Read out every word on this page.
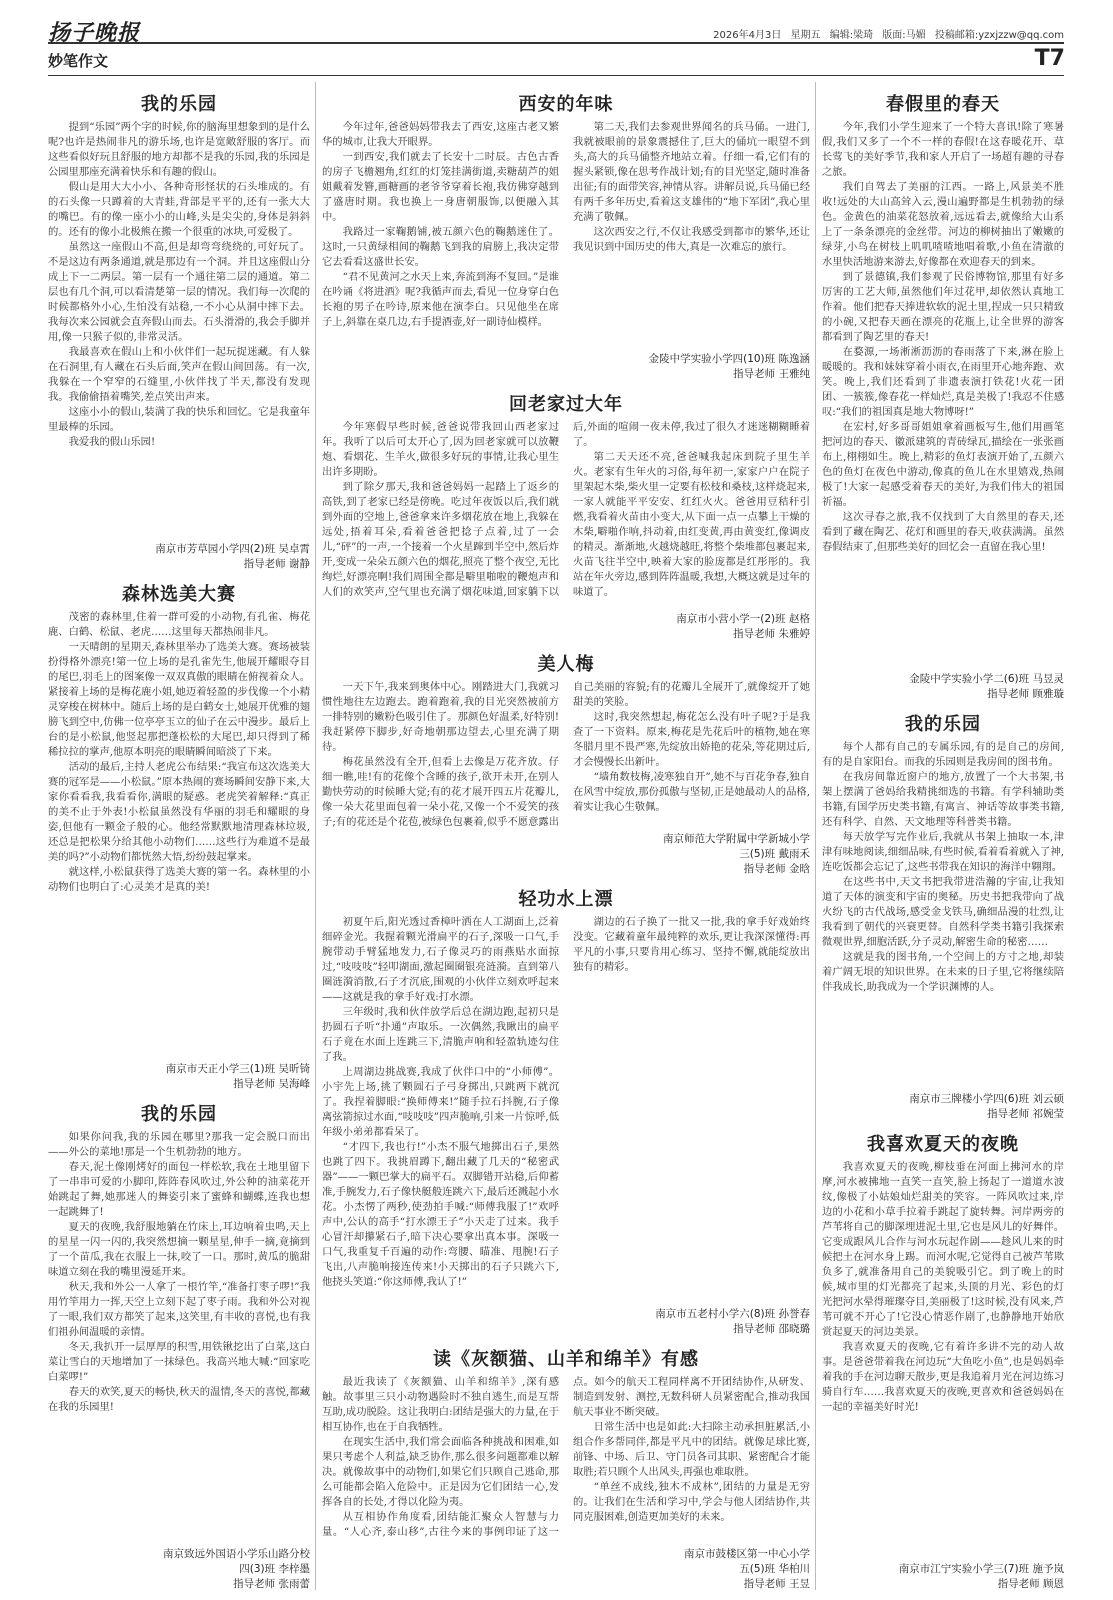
扬子晚报	2026年4月3日 星期五 编辑:梁琦 版面:马媚 投稿邮箱:yzxjzzw@qq.com
妙笔作文	T7
我的乐园

提到“乐园”两个字的时候,你的脑海里想象到的是什么呢?也许是热闹非凡的游乐场,也许是宽敞舒服的客厅。而这些看似好玩且舒服的地方却都不是我的乐园,我的乐园是公园里那座充满着快乐和有趣的假山。

假山是用大大小小、各种奇形怪状的石头堆成的。有的石头像一只蹲着的大青蛙,背部是平平的,还有一张大大的嘴巴。有的像一座小小的山峰,头是尖尖的,身体是斜斜的。还有的像小北极熊在搬一个很重的冰块,可爱极了。

虽然这一座假山不高,但是却弯弯绕绕的,可好玩了。不是这边有两条通道,就是那边有一个洞。并且这座假山分成上下一二两层。第一层有一个通往第二层的通道。第二层也有几个洞,可以看清楚第一层的情况。我们每一次爬的时候都格外小心,生怕没有站稳,一不小心从洞中摔下去。我每次来公园就会直奔假山而去。石头滑滑的,我会手脚并用,像一只猴子似的,非常灵活。

我最喜欢在假山上和小伙伴们一起玩捉迷藏。有人躲在石洞里,有人藏在石头后面,笑声在假山间回荡。有一次,我躲在一个窄窄的石缝里,小伙伴找了半天,都没有发现我。我偷偷捂着嘴笑,差点笑出声来。

这座小小的假山,装满了我的快乐和回忆。它是我童年里最棒的乐园。

我爱我的假山乐园!

南京市芳草园小学四(2)班 吴卓霄
指导老师 谢静
森林选美大赛

茂密的森林里,住着一群可爱的小动物,有孔雀、梅花鹿、白鹤、松鼠、老虎……这里每天都热闹非凡。

一天晴朗的星期天,森林里举办了选美大赛。赛场被装扮得格外漂亮!第一位上场的是孔雀先生,他展开耀眼夺目的尾巴,羽毛上的图案像一双双真傲的眼睛在俯视着众人。紧接着上场的是梅花鹿小姐,她迈着轻盈的步伐像一个小精灵穿梭在树林中。随后上场的是白鹤女士,她展开优雅的翅膀飞到空中,仿佛一位亭亭玉立的仙子在云中漫步。最后上台的是小松鼠,他竖起那把蓬松松的大尾巴,却只得到了稀稀拉拉的掌声,他原本明亮的眼睛瞬间暗淡了下来。

活动的最后,主持人老虎公布结果:“我宣布这次选美大赛的冠军是——小松鼠。”原本热闹的赛场瞬间安静下来,大家你看看我,我看看你,满眼的疑惑。老虎笑着解释:“真正的美不止于外表!小松鼠虽然没有华丽的羽毛和耀眼的身姿,但他有一颗金子般的心。他经常默默地清理森林垃圾,还总是把松果分给其他小动物们……这些行为难道不是最美的吗?”小动物们都恍然大悟,纷纷鼓起掌来。

就这样,小松鼠获得了选美大赛的第一名。森林里的小动物们也明白了:心灵美才是真的美!

南京市天正小学三(1)班 吴昕锜
指导老师 吴海峰
我的乐园

如果你问我,我的乐园在哪里?那我一定会脱口而出——外公的菜地!那是一个生机勃勃的地方。

春天,泥土像刚烤好的面包一样松软,我在土地里留下了一串串可爱的小脚印,阵阵春风吹过,外公种的油菜花开始跳起了舞,她那迷人的舞姿引来了蜜蜂和蝴蝶,连我也想一起跳舞了!

夏天的夜晚,我舒服地躺在竹床上,耳边响着虫鸣,天上的星星一闪一闪的,我突然想摘一颗星星,伸手一摘,竟摘到了一个苗瓜,我在衣服上一抹,咬了一口。那时,黄瓜的脆甜味道立刻在我的嘴里漫延开来。

秋天,我和外公一人拿了一根竹竿,“准备打枣子啰!”我用竹竿用力一挥,天空上立刻下起了枣子雨。我和外公对视了一眼,我们双方都笑了起来,这笑里,有丰收的喜悦,也有我们祖孙间温暖的亲情。

冬天,我扒开一层厚厚的积雪,用铁锹挖出了白菜,这白菜让雪白的天地增加了一抹绿色。我高兴地大喊:“回家吃白菜啰!”

春天的欢笑,夏天的畅快,秋天的温情,冬天的喜悦,都藏在我的乐园里!

南京致远外国语小学乐山路分校
四(3)班 李梓墨
指导老师 张雨蕾
西安的年味

今年过年,爸爸妈妈带我去了西安,这座古老又繁华的城市,让我大开眼界。

一到西安,我们就去了长安十二时辰。古色古香的房子飞檐翘角,红红的灯笼挂满街道,卖糖葫芦的姐姐戴着发簪,画糖画的老爷爷穿着长袍,我仿佛穿越到了盛唐时期。我也换上一身唐朝服饰,以便融入其中。

我路过一家鞠鹅铺,被五颜六色的鞠鹅迷住了。这时,一只黄绿相间的鞠鹅飞到我的肩膀上,我决定带它去看看这盛世长安。

“君不见黄河之水天上来,奔流到海不复回。”是谁在吟诵《将进酒》呢?我循声而去,看见一位身穿白色长袍的男子在吟诗,原来他在演李白。只见他坐在席子上,斜靠在桌几边,右手提酒壶,好一副诗仙模样。

第二天,我们去参观世界闻名的兵马俑。一进门,我就被眼前的景象震撼住了,巨大的俑坑一眼望不到头,高大的兵马俑整齐地站立着。仔细一看,它们有的握头紧锁,像在思考作战计划;有的目光坚定,随时准备出征;有的面带笑容,神情从容。讲解员说,兵马俑已经有两千多年历史,看着这支雄伟的“地下军团”,我心里充满了敬佩。

这次西安之行,不仅让我感受到都市的繁华,还让我见识到中国历史的伟大,真是一次难忘的旅行。

金陵中学实验小学四(10)班 陈逸涵
指导老师 王雅纯
回老家过大年

今年寒假早些时候,爸爸说带我回山西老家过年。我听了以后可太开心了,因为回老家就可以放鞭炮、看烟花、生羊火,做很多好玩的事情,让我心里生出许多期盼。

到了除夕那天,我和爸爸妈妈一起踏上了返乡的高铁,到了老家已经是傍晚。吃过年夜饭以后,我们就到外面的空地上,爸爸拿来许多烟花放在地上,我躲在远处,捂着耳朵,看着爸爸把捻子点着,过了一会儿,“砰”的一声,一个接着一个火星蹿到半空中,然后炸开,变成一朵朵五颜六色的烟花,照亮了整个夜空,无比绚烂,好漂亮啊!我们周围全都是噼里啪啦的鞭炮声和人们的欢笑声,空气里也充满了烟花味道,回家躺下以后,外面的喧闹一夜未停,我过了很久才迷迷糊糊睡着了。

第二天天还不亮,爸爸喊我起床到院子里生羊火。老家有生年火的习俗,每年初一,家家户户在院子里架起木柴,柴火里一定要有松枝和桑枝,这样烧起来,一家人就能平平安安、红红火火。爸爸用豆秸秆引燃,我看着火苗由小变大,从下面一点一点攀上干燥的木柴,噼啪作响,抖动着,由红变黄,再由黄变红,像调皮的精灵。渐渐地,火越烧越旺,将整个柴堆都包裹起来,火苗飞往半空中,映着大家的脸庞都是红彤彤的。我站在年火旁边,感到阵阵温暖,我想,大概这就是过年的味道了。

南京市小营小学一(2)班 赵格
指导老师 朱雅婷
美人梅

一天下午,我来到奥体中心。刚踏进大门,我就习惯性地往左边跑去。跑着跑着,我的目光突然被前方一排特别的嫩粉色吸引住了。那颜色好温柔,好特别!我赶紧停下脚步,好奇地朝那边望去,心里充满了期待。

梅花虽然没有全开,但看上去像是万花齐放。仔细一瞧,哇!有的花像个含睡的孩子,欲开未开,在别人勤快劳动的时候睡大觉;有的花才展开四五片花瓣儿,像一朵大花里面包着一朵小花,又像一个不爱笑的孩子;有的花还是个花苞,被绿色包裹着,似乎不愿意露出自己美丽的容貌;有的花瓣儿全展开了,就像绽开了她甜美的笑脸。

这时,我突然想起,梅花怎么没有叶子呢?于是我查了一下资料。原来,梅花是先花后叶的植物,她在寒冬腊月里不畏严寒,先绽放出娇艳的花朵,等花期过后,才会慢慢长出新叶。

“墙角数枝梅,凌寒独自开”,她不与百花争春,独自在风雪中绽放,那份孤傲与坚韧,正是她最动人的品格,着实让我心生敬佩。

南京师范大学附属中学新城小学
三(5)班 戴雨禾
指导老师 金晗
轻功水上漂

初夏午后,阳光透过香樟叶洒在人工湖面上,泛着细碎金光。我握着颗光滑扁平的石子,深吸一口气,手腕带动手臂猛地发力,石子像灵巧的雨燕贴水面掠过,“吱吱吱”轻叩湖面,激起圈圈银亮涟漪。直到第八圈涟漪消散,石子才沉底,围观的小伙伴立刻欢呼起来——这就是我的拿手好戏:打水漂。

三年级时,我和伙伴放学后总在湖边跑,起初只是扔圆石子听“扑通”声取乐。一次偶然,我瞅出的扁平石子竟在水面上连跳三下,清脆声响和轻盈轨迹勾住了我。

上周湖边挑战赛,我成了伙伴口中的“小师傅”。小宇先上场,挑了颗圆石子弓身掷出,只跳两下就沉了。我捏着脚眼:“换师傅来!”随手拉石抖腕,石子像离弦箭掠过水面,“吱吱吱”四声脆响,引来一片惊呼,低年级小弟弟都看呆了。

“才四下,我也行!”小杰不服气地掷出石子,果然也跳了四下。我挑眉蹲下,翻出藏了几天的“秘密武器”——一颗巴掌大的扁平石。双脚错开站稳,后仰蓄准,手腕发力,石子像快艇般连跳六下,最后还溅起小水花。小杰愣了两秒,使劲拍手喊:“师傅我服了!”欢呼声中,公认的高手“打水漂王子”小天走了过来。我手心冒汗却攥紧石子,暗下决心要拿出真本事。深吸一口气,我重复千百遍的动作:弯腰、瞄准、甩腕!石子飞出,八声脆响接连传来!小天掷出的石子只跳六下,他挠头笑道:“你这师傅,我认了!”

湖边的石子换了一批又一批,我的拿手好戏始终没变。它藏着童年最纯粹的欢乐,更让我深深懂得:再平凡的小事,只要肯用心练习、坚持不懈,就能绽放出独有的精彩。

南京市五老村小学六(8)班 孙誉春
指导老师 邵晓璐
读《灰额猫、山羊和绵羊》有感

最近我读了《灰额猫、山羊和绵羊》,深有感触。故事里三只小动物遇险时不独自逃生,而是互帮互助,成功脱险。这让我明白:团结是强大的力量,在于相互协作,也在于自我牺牲。

在现实生活中,我们常会面临各种挑战和困难,如果只考虑个人利益,缺乏协作,那么很多问题都难以解决。就像故事中的动物们,如果它们只顾自己逃命,那么可能都会陷入危险中。正是因为它们团结一心,发挥各自的长处,才得以化险为夷。

从互相协作角度看,团结能汇聚众人智慧与力量。“人心齐,泰山移”,古往今来的事例印证了这一点。如今的航天工程同样离不开团结协作,从研发、制造到发射、测控,无数科研人员紧密配合,推动我国航天事业不断突破。

日常生活中也是如此:大扫除主动承担脏累活,小组合作多帮同伴,都是平凡中的团结。就像足球比赛,前锋、中场、后卫、守门员各司其职、紧密配合才能取胜;若只顾个人出风头,再强也难取胜。

“单丝不成线,独木不成林”,团结的力量是无穷的。让我们在生活和学习中,学会与他人团结协作,共同克服困难,创造更加美好的未来。

南京市鼓楼区第一中心小学
五(5)班 华柏川
指导老师 王昱
春假里的春天

今年,我们小学生迎来了一个特大喜讯!除了寒暑假,我们又多了一个不一样的春假!在这春暖花开、草长莺飞的美好季节,我和家人开启了一场超有趣的寻春之旅。

我们自驾去了美丽的江西。一路上,风景美不胜收!远处的大山高耸入云,漫山遍野都是生机勃勃的绿色。金黄色的油菜花怒放着,远远看去,就像给大山系上了一条条漂亮的金丝带。河边的柳树抽出了嫩嫩的绿芽,小鸟在树枝上叽叽喳喳地唱着歌,小鱼在清澈的水里快活地游来游去,好像都在欢迎春天的到来。

到了景德镇,我们参观了民俗博物馆,那里有好多厉害的工艺大师,虽然他们年过花甲,却依然认真地工作着。他们把春天捧进软软的泥土里,捏成一只只精致的小碗,又把春天画在漂亮的花瓶上,让全世界的游客都看到了陶艺里的春天!

在婺源,一场淅淅沥沥的春雨落了下来,淋在脸上暖暖的。我和妹妹穿着小雨衣,在雨里开心地奔跑、欢笑。晚上,我们还看到了非遗表演打铁花!火花一团团、一簇簇,像春花一样灿烂,真是美极了!我忍不住感叹:“我们的祖国真是地大物博呀!”

在宏村,好多哥哥姐姐拿着画板写生,他们用画笔把河边的春天、徽派建筑的青砖绿瓦,描绘在一张张画布上,栩栩如生。晚上,精彩的鱼灯表演开始了,五颜六色的鱼灯在夜色中游动,像真的鱼儿在水里嬉戏,热闹极了!大家一起感受着春天的美好,为我们伟大的祖国祈福。

这次寻春之旅,我不仅找到了大自然里的春天,还看到了藏在陶艺、花灯和画里的春天,收获满满。虽然春假结束了,但那些美好的回忆会一直留在我心里!

金陵中学实验小学二(6)班 马昱灵
指导老师 顾雅璇
我的乐园

每个人都有自己的专属乐园,有的是自己的房间,有的是自家阳台。而我的乐园则是我房间的图书角。

在我房间靠近窗户的地方,放置了一个大书架,书架上摆满了爸妈给我精挑细选的书籍。有学科辅助类书籍,有国学历史类书籍,有寓言、神话等故事类书籍,还有科学、自然、天文地理等科普类书籍。

每天放学写完作业后,我就从书架上抽取一本,津津有味地阅读,细细品味,有些时候,看着看着就入了神,连吃饭都会忘记了,这些书带我在知识的海洋中翱翔。

在这些书中,天文书把我带进浩瀚的宇宙,让我知道了天体的演变和宇宙的奥秘。历史书把我带向了战火纷飞的古代战场,感受金戈铁马,确细品漫的壮烈,让我看到了朝代的兴衰更替。自然科学类书籍引我探索微观世界,细胞活跃,分子灵动,解密生命的秘密……

这就是我的图书角,一个空间上的方寸之地,却装着广阔无垠的知识世界。在未来的日子里,它将继续陪伴我成长,助我成为一个学识渊博的人。

南京市三牌楼小学四(6)班 刘云硕
指导老师 祁婉莹
我喜欢夏天的夜晚

我喜欢夏天的夜晚,柳枝垂在河面上拂河水的岸摩,河水被拂地一直笑一直笑,脸上扬起了一道道水波纹,像极了小姑娘灿烂甜美的笑容。一阵风吹过来,岸边的小花和小草手拉着手跳起了旋转舞。河岸两旁的芦苇将自己的脚深埋进泥土里,它也是风儿的好舞伴。它变成跟风儿合作与河水玩起作剧——趁风儿来的时候把土在河水身上踢。而河水呢,它觉得自己被芦苇欺负多了,就准备用自己的美貌吸引它。到了晚上的时候,城市里的灯光都亮了起来,头顶的月光、彩色的灯光把河水晕得璀璨夺目,美丽极了!这时候,没有风来,芦苇可就不开心了!它没心情恶作剧了,也静静地开始欣赏起夏天的河边美景。

我喜欢夏天的夜晚,它有着许多讲不完的动人故事。是爸爸带着我在河边玩“大鱼吃小鱼”,也是妈妈牵着我的手在河边聊天散步,更是我追着月光在河边练习骑自行车……我喜欢夏天的夜晚,更喜欢和爸爸妈妈在一起的幸福美好时光!

南京市江宁实验小学三(7)班 施予岚
指导老师 顾恩
